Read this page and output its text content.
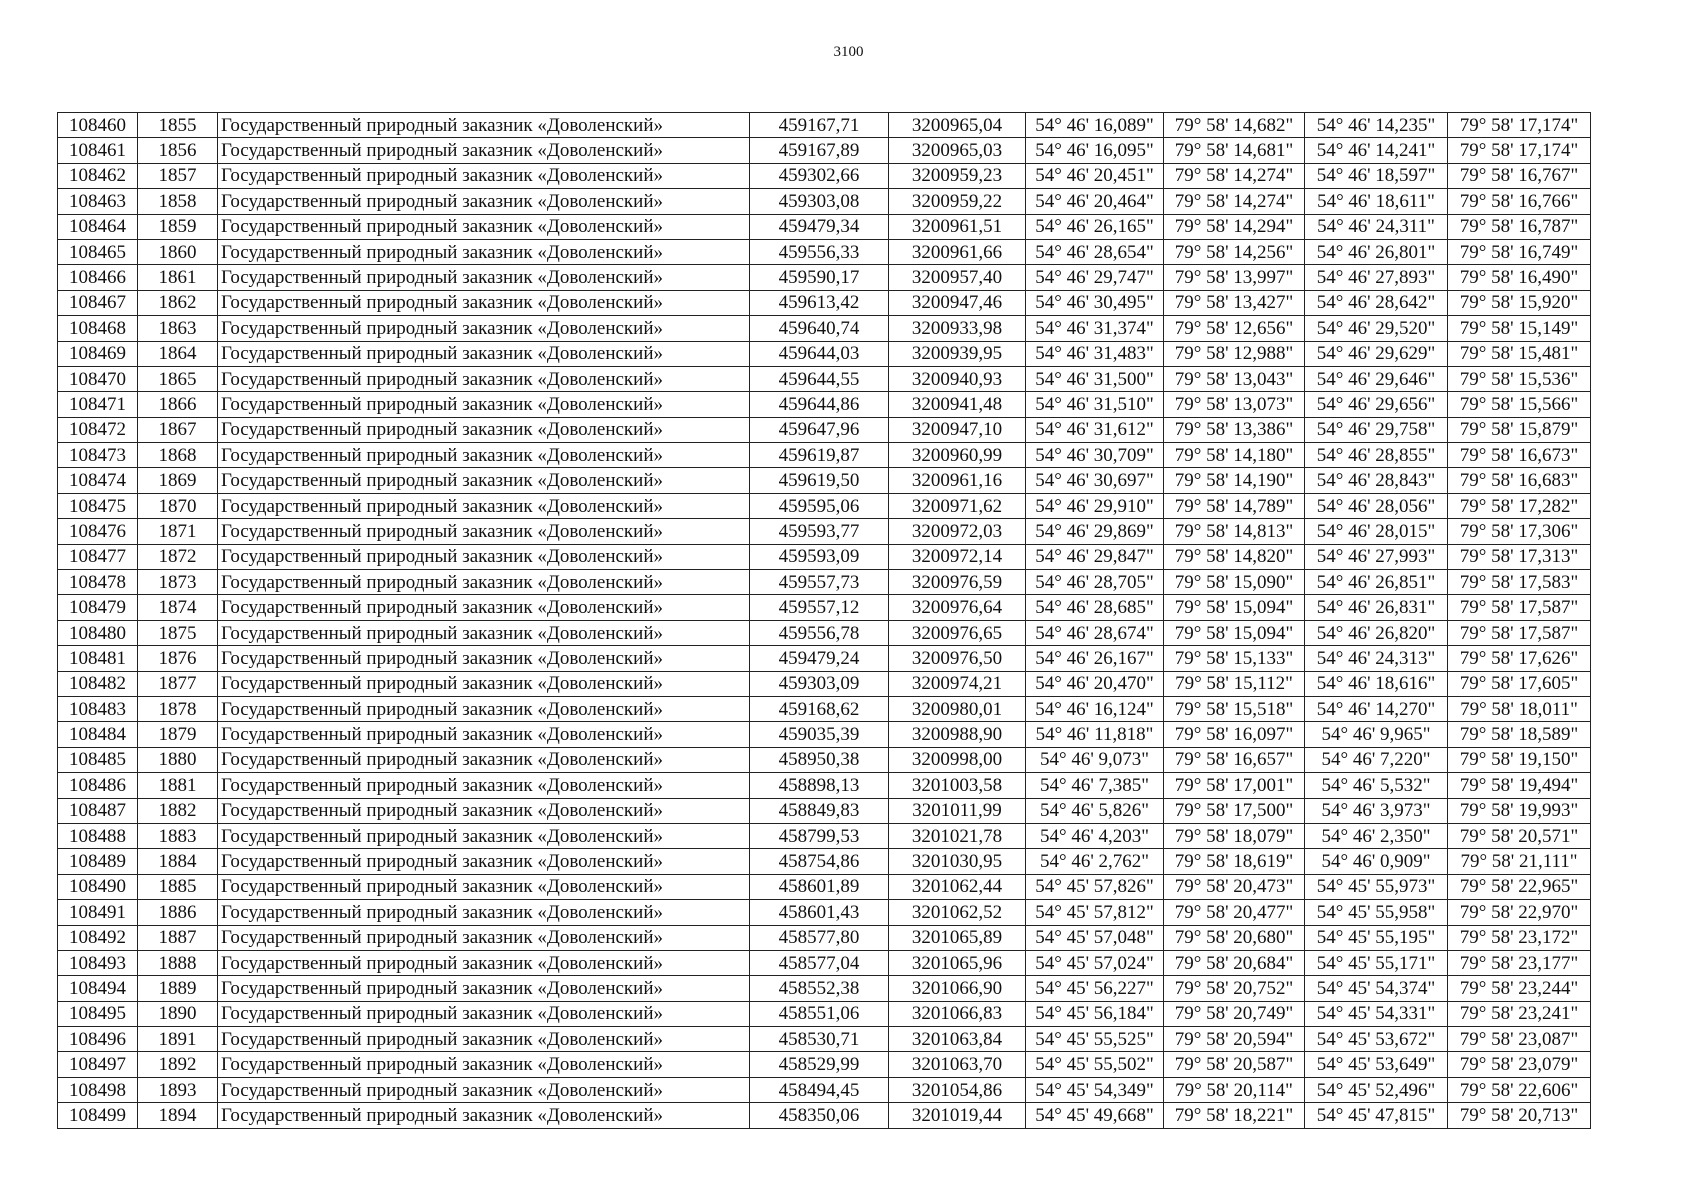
3100
108460	1855	Государственный природный заказник «Доволенский»	459167,71	3200965,04	54° 46' 16,089"	79° 58' 14,682"	54° 46' 14,235"	79° 58' 17,174"
108461	1856	Государственный природный заказник «Доволенский»	459167,89	3200965,03	54° 46' 16,095"	79° 58' 14,681"	54° 46' 14,241"	79° 58' 17,174"
108462	1857	Государственный природный заказник «Доволенский»	459302,66	3200959,23	54° 46' 20,451"	79° 58' 14,274"	54° 46' 18,597"	79° 58' 16,767"
108463	1858	Государственный природный заказник «Доволенский»	459303,08	3200959,22	54° 46' 20,464"	79° 58' 14,274"	54° 46' 18,611"	79° 58' 16,766"
108464	1859	Государственный природный заказник «Доволенский»	459479,34	3200961,51	54° 46' 26,165"	79° 58' 14,294"	54° 46' 24,311"	79° 58' 16,787"
108465	1860	Государственный природный заказник «Доволенский»	459556,33	3200961,66	54° 46' 28,654"	79° 58' 14,256"	54° 46' 26,801"	79° 58' 16,749"
108466	1861	Государственный природный заказник «Доволенский»	459590,17	3200957,40	54° 46' 29,747"	79° 58' 13,997"	54° 46' 27,893"	79° 58' 16,490"
108467	1862	Государственный природный заказник «Доволенский»	459613,42	3200947,46	54° 46' 30,495"	79° 58' 13,427"	54° 46' 28,642"	79° 58' 15,920"
108468	1863	Государственный природный заказник «Доволенский»	459640,74	3200933,98	54° 46' 31,374"	79° 58' 12,656"	54° 46' 29,520"	79° 58' 15,149"
108469	1864	Государственный природный заказник «Доволенский»	459644,03	3200939,95	54° 46' 31,483"	79° 58' 12,988"	54° 46' 29,629"	79° 58' 15,481"
108470	1865	Государственный природный заказник «Доволенский»	459644,55	3200940,93	54° 46' 31,500"	79° 58' 13,043"	54° 46' 29,646"	79° 58' 15,536"
108471	1866	Государственный природный заказник «Доволенский»	459644,86	3200941,48	54° 46' 31,510"	79° 58' 13,073"	54° 46' 29,656"	79° 58' 15,566"
108472	1867	Государственный природный заказник «Доволенский»	459647,96	3200947,10	54° 46' 31,612"	79° 58' 13,386"	54° 46' 29,758"	79° 58' 15,879"
108473	1868	Государственный природный заказник «Доволенский»	459619,87	3200960,99	54° 46' 30,709"	79° 58' 14,180"	54° 46' 28,855"	79° 58' 16,673"
108474	1869	Государственный природный заказник «Доволенский»	459619,50	3200961,16	54° 46' 30,697"	79° 58' 14,190"	54° 46' 28,843"	79° 58' 16,683"
108475	1870	Государственный природный заказник «Доволенский»	459595,06	3200971,62	54° 46' 29,910"	79° 58' 14,789"	54° 46' 28,056"	79° 58' 17,282"
108476	1871	Государственный природный заказник «Доволенский»	459593,77	3200972,03	54° 46' 29,869"	79° 58' 14,813"	54° 46' 28,015"	79° 58' 17,306"
108477	1872	Государственный природный заказник «Доволенский»	459593,09	3200972,14	54° 46' 29,847"	79° 58' 14,820"	54° 46' 27,993"	79° 58' 17,313"
108478	1873	Государственный природный заказник «Доволенский»	459557,73	3200976,59	54° 46' 28,705"	79° 58' 15,090"	54° 46' 26,851"	79° 58' 17,583"
108479	1874	Государственный природный заказник «Доволенский»	459557,12	3200976,64	54° 46' 28,685"	79° 58' 15,094"	54° 46' 26,831"	79° 58' 17,587"
108480	1875	Государственный природный заказник «Доволенский»	459556,78	3200976,65	54° 46' 28,674"	79° 58' 15,094"	54° 46' 26,820"	79° 58' 17,587"
108481	1876	Государственный природный заказник «Доволенский»	459479,24	3200976,50	54° 46' 26,167"	79° 58' 15,133"	54° 46' 24,313"	79° 58' 17,626"
108482	1877	Государственный природный заказник «Доволенский»	459303,09	3200974,21	54° 46' 20,470"	79° 58' 15,112"	54° 46' 18,616"	79° 58' 17,605"
108483	1878	Государственный природный заказник «Доволенский»	459168,62	3200980,01	54° 46' 16,124"	79° 58' 15,518"	54° 46' 14,270"	79° 58' 18,011"
108484	1879	Государственный природный заказник «Доволенский»	459035,39	3200988,90	54° 46' 11,818"	79° 58' 16,097"	54° 46' 9,965"	79° 58' 18,589"
108485	1880	Государственный природный заказник «Доволенский»	458950,38	3200998,00	54° 46' 9,073"	79° 58' 16,657"	54° 46' 7,220"	79° 58' 19,150"
108486	1881	Государственный природный заказник «Доволенский»	458898,13	3201003,58	54° 46' 7,385"	79° 58' 17,001"	54° 46' 5,532"	79° 58' 19,494"
108487	1882	Государственный природный заказник «Доволенский»	458849,83	3201011,99	54° 46' 5,826"	79° 58' 17,500"	54° 46' 3,973"	79° 58' 19,993"
108488	1883	Государственный природный заказник «Доволенский»	458799,53	3201021,78	54° 46' 4,203"	79° 58' 18,079"	54° 46' 2,350"	79° 58' 20,571"
108489	1884	Государственный природный заказник «Доволенский»	458754,86	3201030,95	54° 46' 2,762"	79° 58' 18,619"	54° 46' 0,909"	79° 58' 21,111"
108490	1885	Государственный природный заказник «Доволенский»	458601,89	3201062,44	54° 45' 57,826"	79° 58' 20,473"	54° 45' 55,973"	79° 58' 22,965"
108491	1886	Государственный природный заказник «Доволенский»	458601,43	3201062,52	54° 45' 57,812"	79° 58' 20,477"	54° 45' 55,958"	79° 58' 22,970"
108492	1887	Государственный природный заказник «Доволенский»	458577,80	3201065,89	54° 45' 57,048"	79° 58' 20,680"	54° 45' 55,195"	79° 58' 23,172"
108493	1888	Государственный природный заказник «Доволенский»	458577,04	3201065,96	54° 45' 57,024"	79° 58' 20,684"	54° 45' 55,171"	79° 58' 23,177"
108494	1889	Государственный природный заказник «Доволенский»	458552,38	3201066,90	54° 45' 56,227"	79° 58' 20,752"	54° 45' 54,374"	79° 58' 23,244"
108495	1890	Государственный природный заказник «Доволенский»	458551,06	3201066,83	54° 45' 56,184"	79° 58' 20,749"	54° 45' 54,331"	79° 58' 23,241"
108496	1891	Государственный природный заказник «Доволенский»	458530,71	3201063,84	54° 45' 55,525"	79° 58' 20,594"	54° 45' 53,672"	79° 58' 23,087"
108497	1892	Государственный природный заказник «Доволенский»	458529,99	3201063,70	54° 45' 55,502"	79° 58' 20,587"	54° 45' 53,649"	79° 58' 23,079"
108498	1893	Государственный природный заказник «Доволенский»	458494,45	3201054,86	54° 45' 54,349"	79° 58' 20,114"	54° 45' 52,496"	79° 58' 22,606"
108499	1894	Государственный природный заказник «Доволенский»	458350,06	3201019,44	54° 45' 49,668"	79° 58' 18,221"	54° 45' 47,815"	79° 58' 20,713"
